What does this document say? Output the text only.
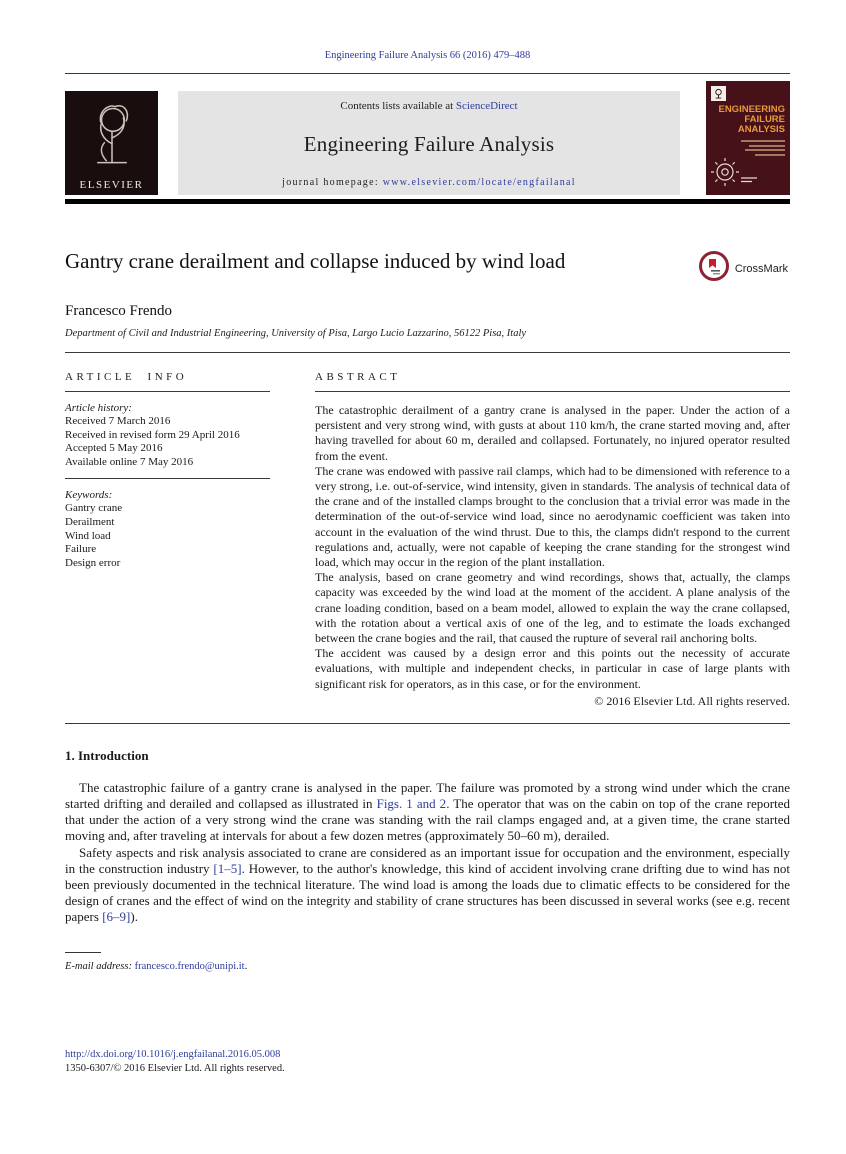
Engineering Failure Analysis 66 (2016) 479–488
ELSEVIER
Contents lists available at ScienceDirect
Engineering Failure Analysis
journal homepage: www.elsevier.com/locate/engfailanal
ENGINEERING
FAILURE
ANALYSIS
Gantry crane derailment and collapse induced by wind load	CrossMark
Francesco Frendo
Department of Civil and Industrial Engineering, University of Pisa, Largo Lucio Lazzarino, 56122 Pisa, Italy
ARTICLE INFO
Article history:
Received 7 March 2016
Received in revised form 29 April 2016
Accepted 5 May 2016
Available online 7 May 2016
Keywords:
Gantry crane
Derailment
Wind load
Failure
Design error
ABSTRACT

The catastrophic derailment of a gantry crane is analysed in the paper. Under the action of a persistent and very strong wind, with gusts at about 110 km/h, the crane started moving and, after having travelled for about 60 m, derailed and collapsed. Fortunately, no injured operator resulted from the event.

The crane was endowed with passive rail clamps, which had to be dimensioned with reference to a very strong, i.e. out-of-service, wind intensity, given in standards. The analysis of technical data of the crane and of the installed clamps brought to the conclusion that a trivial error was made in the determination of the out-of-service wind load, since no aerodynamic coefficient was taken into account in the evaluation of the wind thrust. Due to this, the clamps didn't respond to the current regulations and, actually, were not capable of keeping the crane standing for the strongest wind load, which may occur in the region of the plant installation.

The analysis, based on crane geometry and wind recordings, shows that, actually, the clamps capacity was exceeded by the wind load at the moment of the accident. A plane analysis of the crane loading condition, based on a beam model, allowed to explain the way the crane collapsed, with the rotation about a vertical axis of one of the leg, and to estimate the loads exchanged between the crane bogies and the rail, that caused the rupture of several rail anchoring bolts.

The accident was caused by a design error and this points out the necessity of accurate evaluations, with multiple and independent checks, in particular in case of large plants with significant risk for operators, as in this case, or for the environment.

© 2016 Elsevier Ltd. All rights reserved.
1. Introduction

The catastrophic failure of a gantry crane is analysed in the paper. The failure was promoted by a strong wind under which the crane started drifting and derailed and collapsed as illustrated in Figs. 1 and 2. The operator that was on the cabin on top of the crane reported that under the action of a very strong wind the crane was standing with the rail clamps engaged and, at a given time, the crane started moving and, after traveling at intervals for about a few dozen metres (approximately 50–60 m), derailed.

Safety aspects and risk analysis associated to crane are considered as an important issue for occupation and the environment, especially in the construction industry [1–5]. However, to the author's knowledge, this kind of accident involving crane drifting due to wind has not been previously documented in the technical literature. The wind load is among the loads due to climatic effects to be considered for the design of cranes and the effect of wind on the integrity and stability of crane structures has been discussed in several works (see e.g. recent papers [6–9]).

E-mail address: francesco.frendo@unipi.it.
http://dx.doi.org/10.1016/j.engfailanal.2016.05.008
1350-6307/© 2016 Elsevier Ltd. All rights reserved.
